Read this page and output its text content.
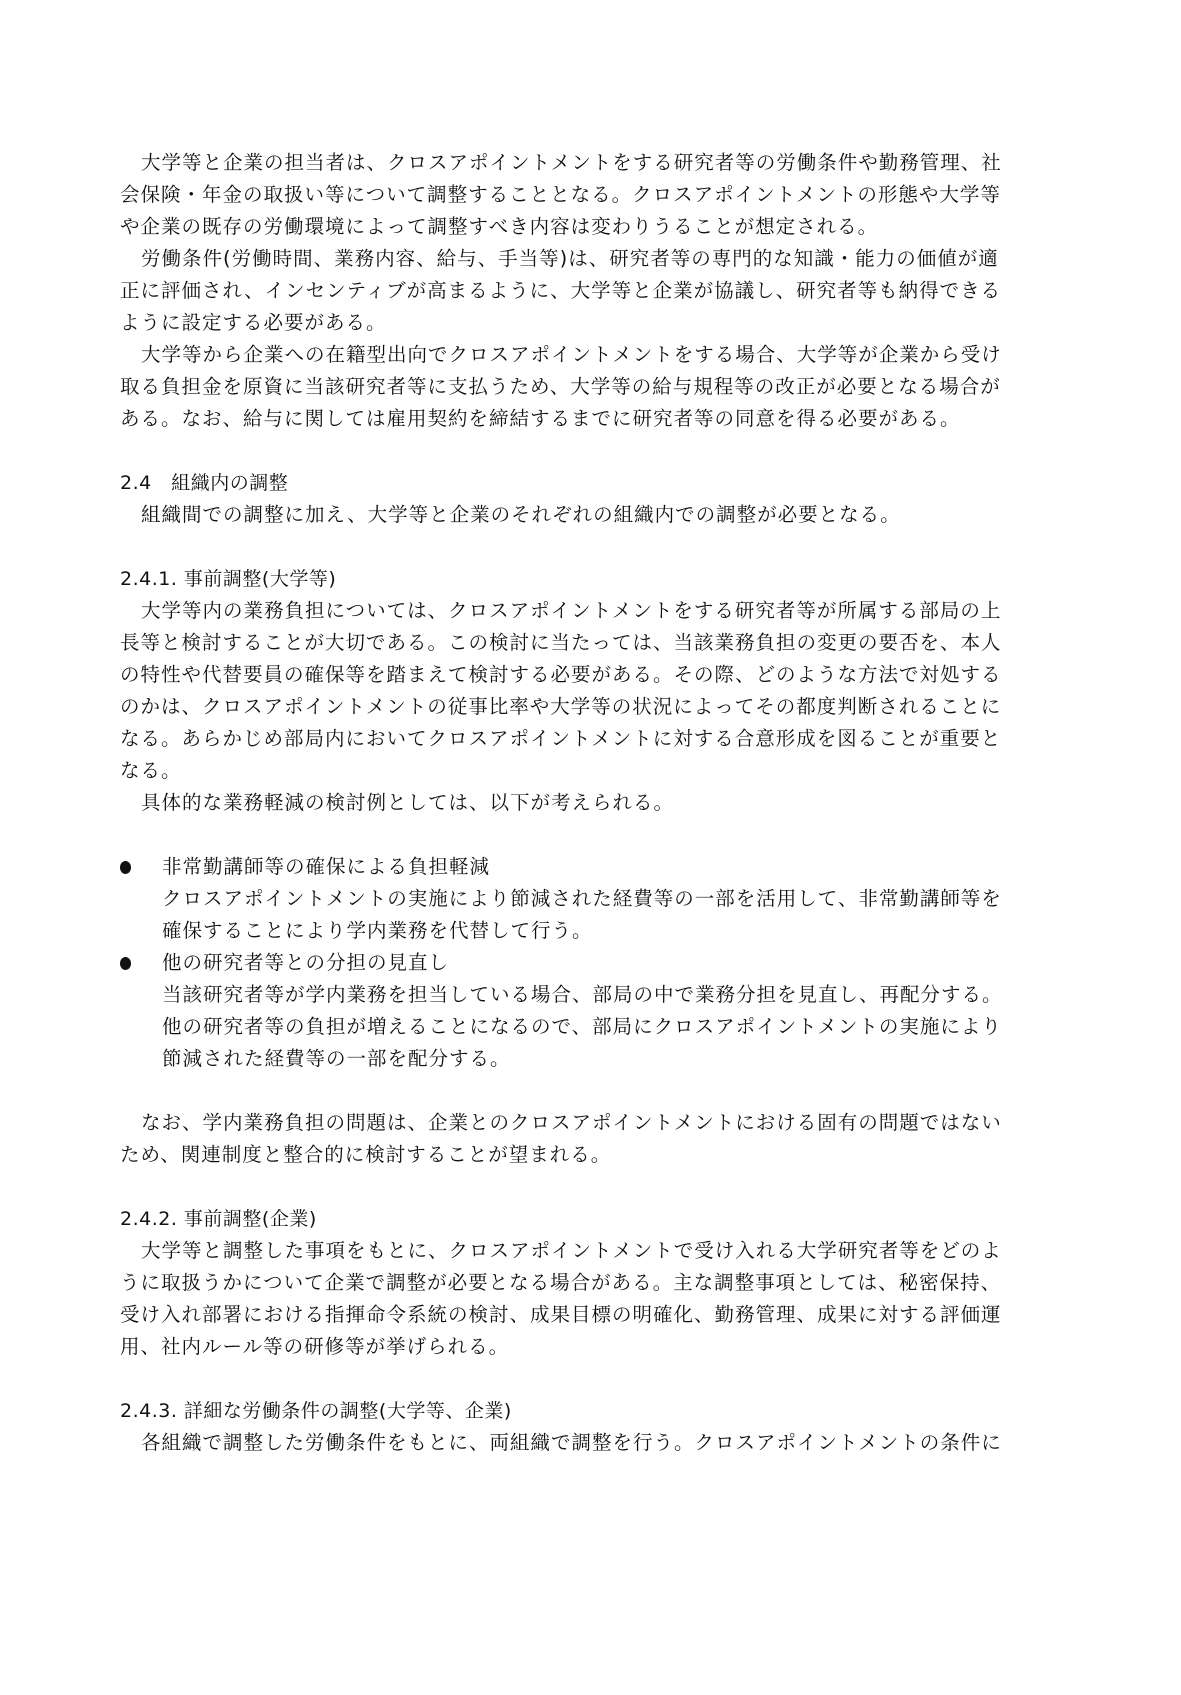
大学等と企業の担当者は、クロスアポイントメントをする研究者等の労働条件や勤務管理、社
会保険・年金の取扱い等について調整することとなる。クロスアポイントメントの形態や大学等
や企業の既存の労働環境によって調整すべき内容は変わりうることが想定される。
労働条件(労働時間、業務内容、給与、手当等)は、研究者等の専門的な知識・能力の価値が適
正に評価され、インセンティブが高まるように、大学等と企業が協議し、研究者等も納得できる
ように設定する必要がある。
大学等から企業への在籍型出向でクロスアポイントメントをする場合、大学等が企業から受け
取る負担金を原資に当該研究者等に支払うため、大学等の給与規程等の改正が必要となる場合が
ある。なお、給与に関しては雇用契約を締結するまでに研究者等の同意を得る必要がある。
2.4　組織内の調整
組織間での調整に加え、大学等と企業のそれぞれの組織内での調整が必要となる。
2.4.1. 事前調整(大学等)
大学等内の業務負担については、クロスアポイントメントをする研究者等が所属する部局の上
長等と検討することが大切である。この検討に当たっては、当該業務負担の変更の要否を、本人
の特性や代替要員の確保等を踏まえて検討する必要がある。その際、どのような方法で対処する
のかは、クロスアポイントメントの従事比率や大学等の状況によってその都度判断されることに
なる。あらかじめ部局内においてクロスアポイントメントに対する合意形成を図ることが重要と
なる。
具体的な業務軽減の検討例としては、以下が考えられる。
非常勤講師等の確保による負担軽減
クロスアポイントメントの実施により節減された経費等の一部を活用して、非常勤講師等を
確保することにより学内業務を代替して行う。
他の研究者等との分担の見直し
当該研究者等が学内業務を担当している場合、部局の中で業務分担を見直し、再配分する。
他の研究者等の負担が増えることになるので、部局にクロスアポイントメントの実施により
節減された経費等の一部を配分する。
なお、学内業務負担の問題は、企業とのクロスアポイントメントにおける固有の問題ではない
ため、関連制度と整合的に検討することが望まれる。
2.4.2. 事前調整(企業)
大学等と調整した事項をもとに、クロスアポイントメントで受け入れる大学研究者等をどのよ
うに取扱うかについて企業で調整が必要となる場合がある。主な調整事項としては、秘密保持、
受け入れ部署における指揮命令系統の検討、成果目標の明確化、勤務管理、成果に対する評価運
用、社内ルール等の研修等が挙げられる。
2.4.3. 詳細な労働条件の調整(大学等、企業)
各組織で調整した労働条件をもとに、両組織で調整を行う。クロスアポイントメントの条件に
